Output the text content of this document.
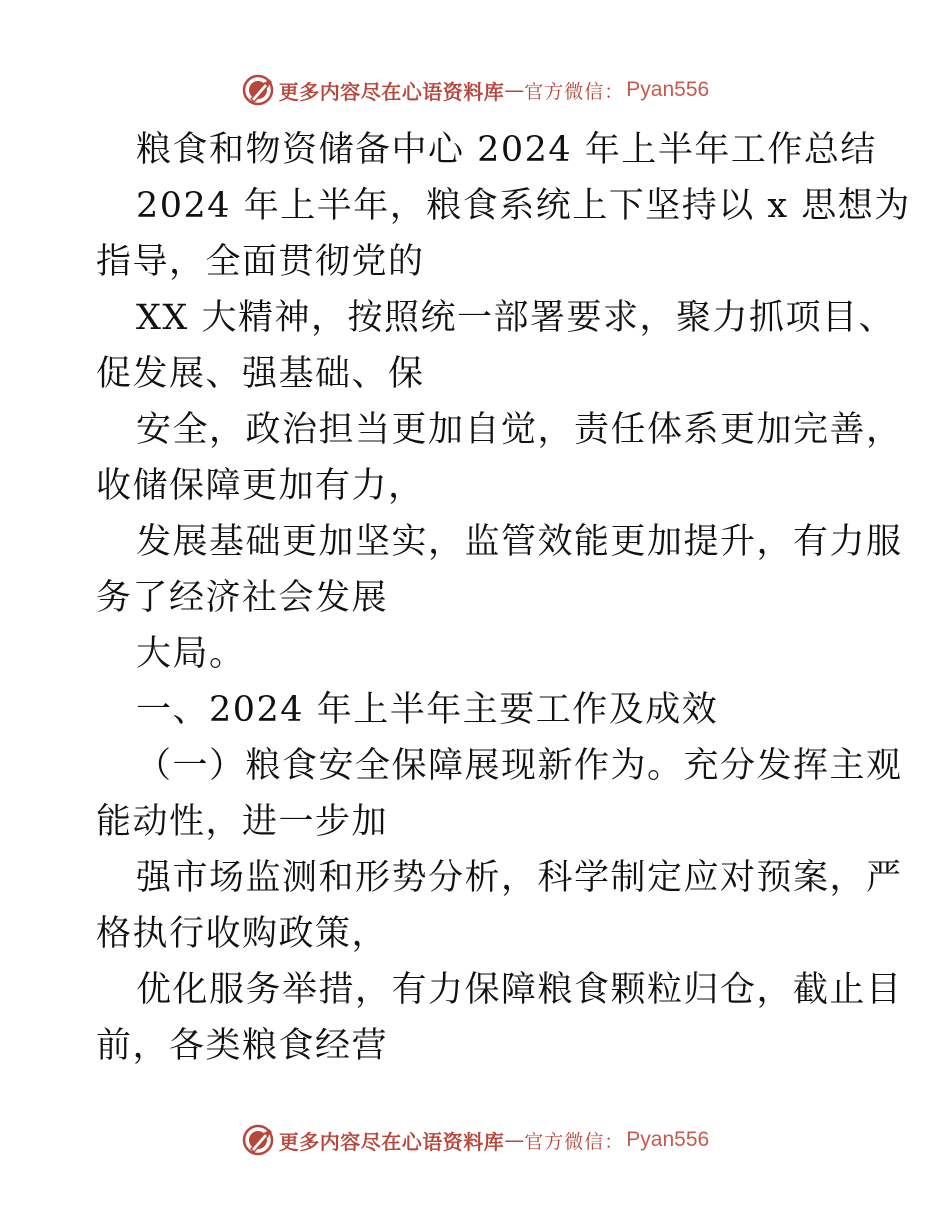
更多内容尽在心语资料库 — 官方微信： Pyan556
粮食和物资储备中心 2024 年上半年工作总结
2024 年上半年，粮食系统上下坚持以 x 思想为
指导，全面贯彻党的
XX 大精神，按照统一部署要求，聚力抓项目、
促发展、强基础、保
安全，政治担当更加自觉，责任体系更加完善，
收储保障更加有力，
发展基础更加坚实，监管效能更加提升，有力服
务了经济社会发展
大局。
一、2024 年上半年主要工作及成效
（一）粮食安全保障展现新作为。充分发挥主观
能动性，进一步加
强市场监测和形势分析，科学制定应对预案，严
格执行收购政策，
优化服务举措，有力保障粮食颗粒归仓，截止目
前，各类粮食经营
更多内容尽在心语资料库 — 官方微信： Pyan556
